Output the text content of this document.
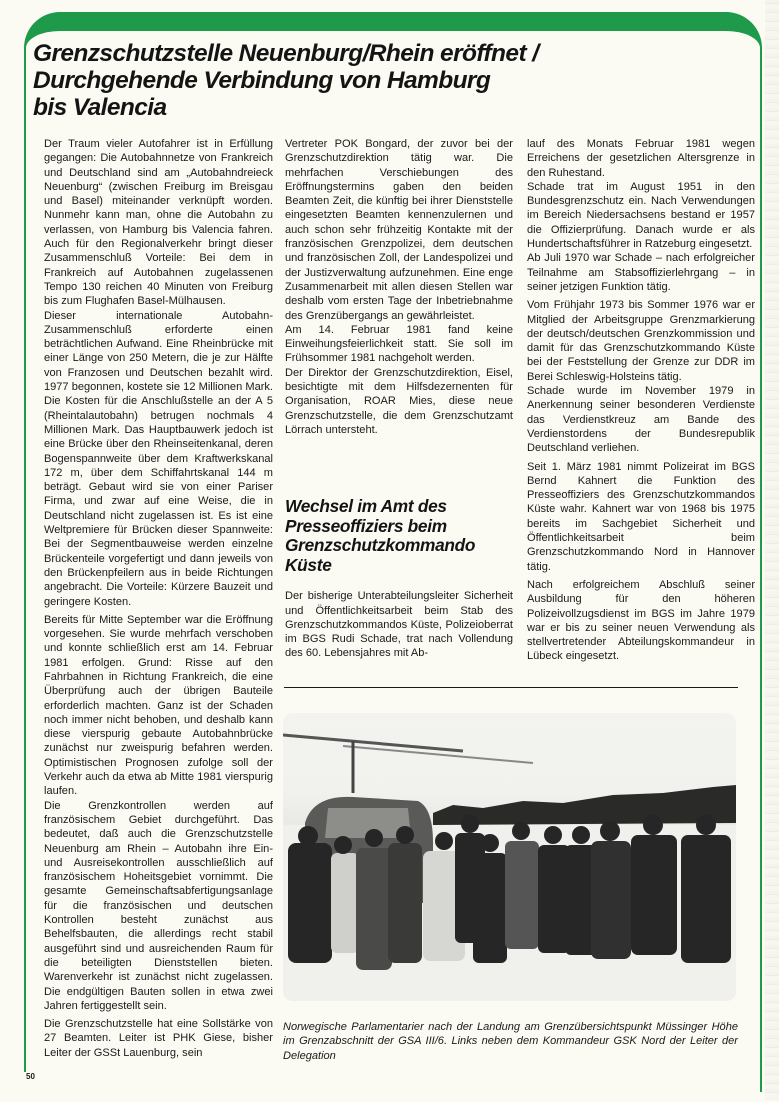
Grenzschutzstelle Neuenburg/Rhein eröffnet /
Durchgehende Verbindung von Hamburg
bis Valencia

Der Traum vieler Autofahrer ist in Erfüllung gegangen: Die Autobahnnetze von Frankreich und Deutschland sind am „Autobahndreieck Neuenburg“ (zwischen Freiburg im Breisgau und Basel) miteinander verknüpft worden. Nunmehr kann man, ohne die Autobahn zu verlassen, von Hamburg bis Valencia fahren. Auch für den Regionalverkehr bringt dieser Zusammenschluß Vorteile: Bei dem in Frankreich auf Autobahnen zugelassenen Tempo 130 reichen 40 Minuten von Freiburg bis zum Flughafen Basel-Mülhausen.

Dieser internationale Autobahn-Zusammenschluß erforderte einen beträchtlichen Aufwand. Eine Rheinbrücke mit einer Länge von 250 Metern, die je zur Hälfte von Franzosen und Deutschen bezahlt wird. 1977 begonnen, kostete sie 12 Millionen Mark. Die Kosten für die Anschlußstelle an der A 5 (Rheintalautobahn) betrugen nochmals 4 Millionen Mark. Das Hauptbauwerk jedoch ist eine Brücke über den Rheinseitenkanal, deren Bogenspannweite über dem Kraftwerkskanal 172 m, über dem Schiffahrtskanal 144 m beträgt. Gebaut wird sie von einer Pariser Firma, und zwar auf eine Weise, die in Deutschland nicht zugelassen ist. Es ist eine Weltpremiere für Brücken dieser Spannweite: Bei der Segmentbauweise werden einzelne Brückenteile vorgefertigt und dann jeweils von den Brückenpfeilern aus in beide Richtungen angebracht. Die Vorteile: Kürzere Bauzeit und geringere Kosten.

Bereits für Mitte September war die Eröffnung vorgesehen. Sie wurde mehrfach verschoben und konnte schließlich erst am 14. Februar 1981 erfolgen. Grund: Risse auf den Fahrbahnen in Richtung Frankreich, die eine Überprüfung auch der übrigen Bauteile erforderlich machten. Ganz ist der Schaden noch immer nicht behoben, und deshalb kann diese vierspurig gebaute Autobahnbrücke zunächst nur zweispurig befahren werden. Optimistischen Prognosen zufolge soll der Verkehr auch da etwa ab Mitte 1981 vierspurig laufen.

Die Grenzkontrollen werden auf französischem Gebiet durchgeführt. Das bedeutet, daß auch die Grenzschutzstelle Neuenburg am Rhein – Autobahn ihre Ein- und Ausreisekontrollen ausschließlich auf französischem Hoheitsgebiet vornimmt. Die gesamte Gemeinschaftsabfertigungsanlage für die französischen und deutschen Kontrollen besteht zunächst aus Behelfsbauten, die allerdings recht stabil ausgeführt sind und ausreichenden Raum für die beteiligten Dienststellen bieten. Warenverkehr ist zunächst nicht zugelassen. Die endgültigen Bauten sollen in etwa zwei Jahren fertiggestellt sein.

Die Grenzschutzstelle hat eine Sollstärke von 27 Beamten. Leiter ist PHK Giese, bisher Leiter der GSSt Lauenburg, sein

Vertreter POK Bongard, der zuvor bei der Grenzschutzdirektion tätig war. Die mehrfachen Verschiebungen des Eröffnungstermins gaben den beiden Beamten Zeit, die künftig bei ihrer Dienststelle eingesetzten Beamten kennenzulernen und auch schon sehr frühzeitig Kontakte mit der französischen Grenzpolizei, dem deutschen und französischen Zoll, der Landespolizei und der Justizverwaltung aufzunehmen. Eine enge Zusammenarbeit mit allen diesen Stellen war deshalb vom ersten Tage der Inbetriebnahme des Grenzübergangs an gewährleistet.

Am 14. Februar 1981 fand keine Einweihungsfeierlichkeit statt. Sie soll im Frühsommer 1981 nachgeholt werden.

Der Direktor der Grenzschutzdirektion, Eisel, besichtigte mit dem Hilfsdezernenten für Organisation, ROAR Mies, diese neue Grenzschutzstelle, die dem Grenzschutzamt Lörrach untersteht.

Wechsel im Amt des Presseoffiziers beim Grenzschutzkommando Küste

Der bisherige Unterabteilungsleiter Sicherheit und Öffentlichkeitsarbeit beim Stab des Grenzschutzkommandos Küste, Polizeioberrat im BGS Rudi Schade, trat nach Vollendung des 60. Lebensjahres mit Ab-

lauf des Monats Februar 1981 wegen Erreichens der gesetzlichen Altersgrenze in den Ruhestand.

Schade trat im August 1951 in den Bundesgrenzschutz ein. Nach Verwendungen im Bereich Niedersachsens bestand er 1957 die Offizierprüfung. Danach wurde er als Hundertschaftsführer in Ratzeburg eingesetzt.

Ab Juli 1970 war Schade – nach erfolgreicher Teilnahme am Stabsoffizierlehrgang – in seiner jetzigen Funktion tätig.

Vom Frühjahr 1973 bis Sommer 1976 war er Mitglied der Arbeitsgruppe Grenzmarkierung der deutsch/deutschen Grenzkommission und damit für das Grenzschutzkommando Küste bei der Feststellung der Grenze zur DDR im Berei Schleswig-Holsteins tätig.

Schade wurde im November 1979 in Anerkennung seiner besonderen Verdienste das Verdienstkreuz am Bande des Verdienstordens der Bundesrepublik Deutschland verliehen.

Seit 1. März 1981 nimmt Polizeirat im BGS Bernd Kahnert die Funktion des Presseoffiziers des Grenzschutzkommandos Küste wahr. Kahnert war von 1968 bis 1975 bereits im Sachgebiet Sicherheit und Öffentlichkeitsarbeit beim Grenzschutzkommando Nord in Hannover tätig.

Nach erfolgreichem Abschluß seiner Ausbildung für den höheren Polizeivollzugsdienst im BGS im Jahre 1979 war er bis zu seiner neuen Verwendung als stellvertretender Abteilungskommandeur in Lübeck eingesetzt.

Norwegische Parlamentarier nach der Landung am Grenzübersichtspunkt Müssinger Höhe im Grenzabschnitt der GSA III/6. Links neben dem Kommandeur GSK Nord der Leiter der Delegation
50
